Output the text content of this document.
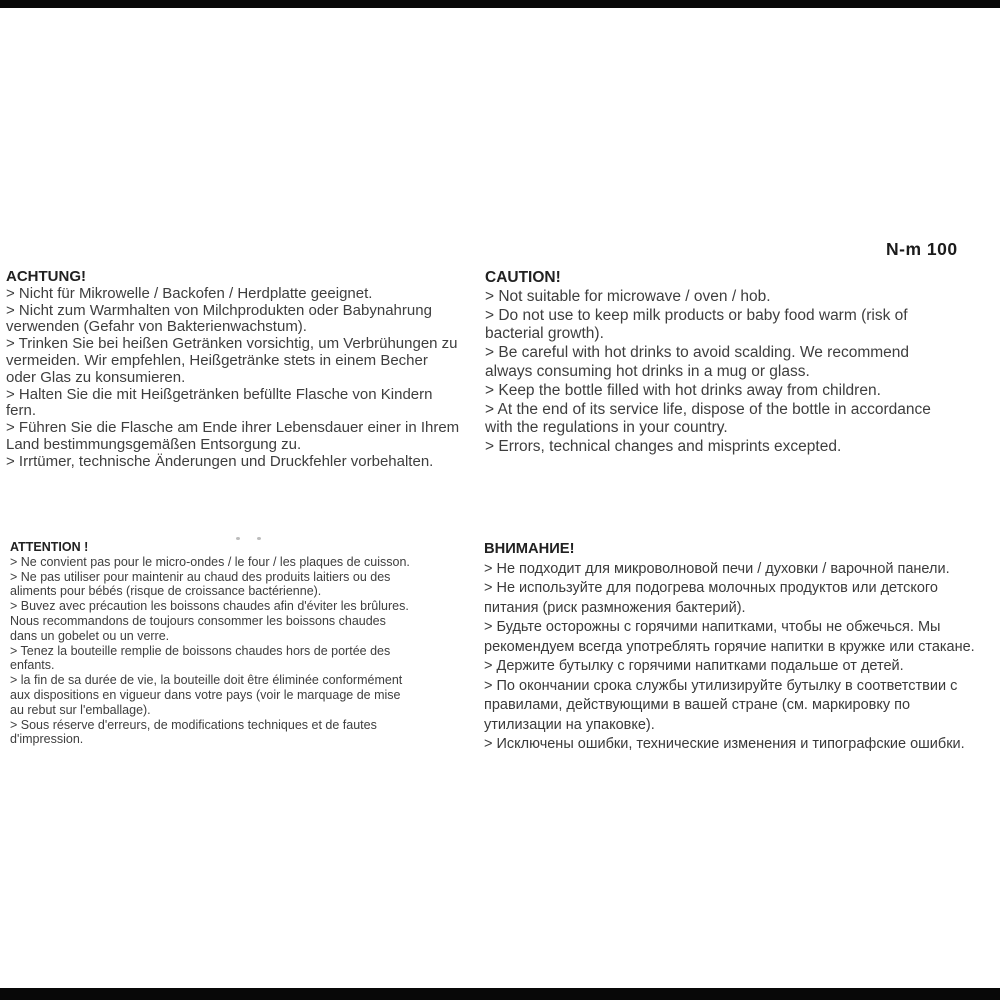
N-m 100
ACHTUNG!
> Nicht für Mikrowelle / Backofen / Herdplatte geeignet.
> Nicht zum Warmhalten von Milchprodukten oder Babynahrung
verwenden (Gefahr von Bakterienwachstum).
> Trinken Sie bei heißen Getränken vorsichtig, um Verbrühungen zu
vermeiden. Wir empfehlen, Heißgetränke stets in einem Becher
oder Glas zu konsumieren.
> Halten Sie die mit Heißgetränken befüllte Flasche von Kindern
fern.
> Führen Sie die Flasche am Ende ihrer Lebensdauer einer in Ihrem
Land bestimmungsgemäßen Entsorgung zu.
> Irrtümer, technische Änderungen und Druckfehler vorbehalten.
CAUTION!
> Not suitable for microwave / oven / hob.
> Do not use to keep milk products or baby food warm (risk of
bacterial growth).
> Be careful with hot drinks to avoid scalding. We recommend
always consuming hot drinks in a mug or glass.
> Keep the bottle filled with hot drinks away from children.
> At the end of its service life, dispose of the bottle in accordance
with the regulations in your country.
> Errors, technical changes and misprints excepted.
ATTENTION !
> Ne convient pas pour le micro-ondes / le four / les plaques de cuisson.
> Ne pas utiliser pour maintenir au chaud des produits laitiers ou des
aliments pour bébés (risque de croissance bactérienne).
> Buvez avec précaution les boissons chaudes afin d'éviter les brûlures.
Nous recommandons de toujours consommer les boissons chaudes
dans un gobelet ou un verre.
> Tenez la bouteille remplie de boissons chaudes hors de portée des
enfants.
> la fin de sa durée de vie, la bouteille doit être éliminée conformément
aux dispositions en vigueur dans votre pays (voir le marquage de mise
au rebut sur l'emballage).
> Sous réserve d'erreurs, de modifications techniques et de fautes
d'impression.
ВНИМАНИЕ!
> Не подходит для микроволновой печи / духовки / варочной панели.
> Не используйте для подогрева молочных продуктов или детского
питания (риск размножения бактерий).
> Будьте осторожны с горячими напитками, чтобы не обжечься. Мы
рекомендуем всегда употреблять горячие напитки в кружке или стакане.
> Держите бутылку с горячими напитками подальше от детей.
> По окончании срока службы утилизируйте бутылку в соответствии с
правилами, действующими в вашей стране (см. маркировку по
утилизации на упаковке).
> Исключены ошибки, технические изменения и типографские ошибки.
